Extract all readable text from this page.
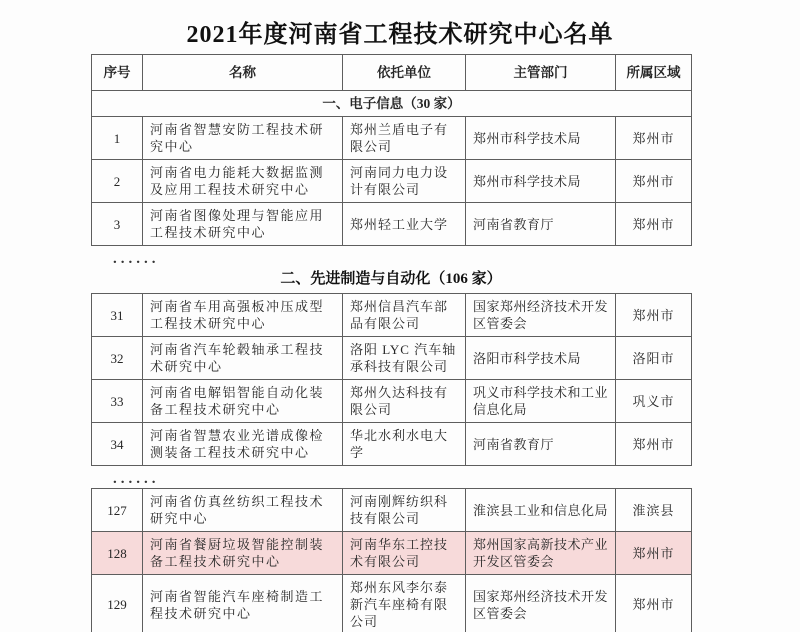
2021年度河南省工程技术研究中心名单
序号	名称	依托单位	主管部门	所属区域
一、电子信息（30 家）				
1	河南省智慧安防工程技术研究中心	郑州兰盾电子有限公司	郑州市科学技术局	郑州市
2	河南省电力能耗大数据监测及应用工程技术研究中心	河南同力电力设计有限公司	郑州市科学技术局	郑州市
3	河南省图像处理与智能应用工程技术研究中心	郑州轻工业大学	河南省教育厅	郑州市
......
二、先进制造与自动化（106 家）
31	河南省车用高强板冲压成型工程技术研究中心	郑州信昌汽车部品有限公司	国家郑州经济技术开发区管委会	郑州市
32	河南省汽车轮毂轴承工程技术研究中心	洛阳 LYC 汽车轴承科技有限公司	洛阳市科学技术局	洛阳市
33	河南省电解铝智能自动化装备工程技术研究中心	郑州久达科技有限公司	巩义市科学技术和工业信息化局	巩义市
34	河南省智慧农业光谱成像检测装备工程技术研究中心	华北水利水电大学	河南省教育厅	郑州市
......
127	河南省仿真丝纺织工程技术研究中心	河南刚辉纺织科技有限公司	淮滨县工业和信息化局	淮滨县
128	河南省餐厨垃圾智能控制装备工程技术研究中心	河南华东工控技术有限公司	郑州国家高新技术产业开发区管委会	郑州市
129	河南省智能汽车座椅制造工程技术研究中心	郑州东风李尔泰新汽车座椅有限公司	国家郑州经济技术开发区管委会	郑州市
